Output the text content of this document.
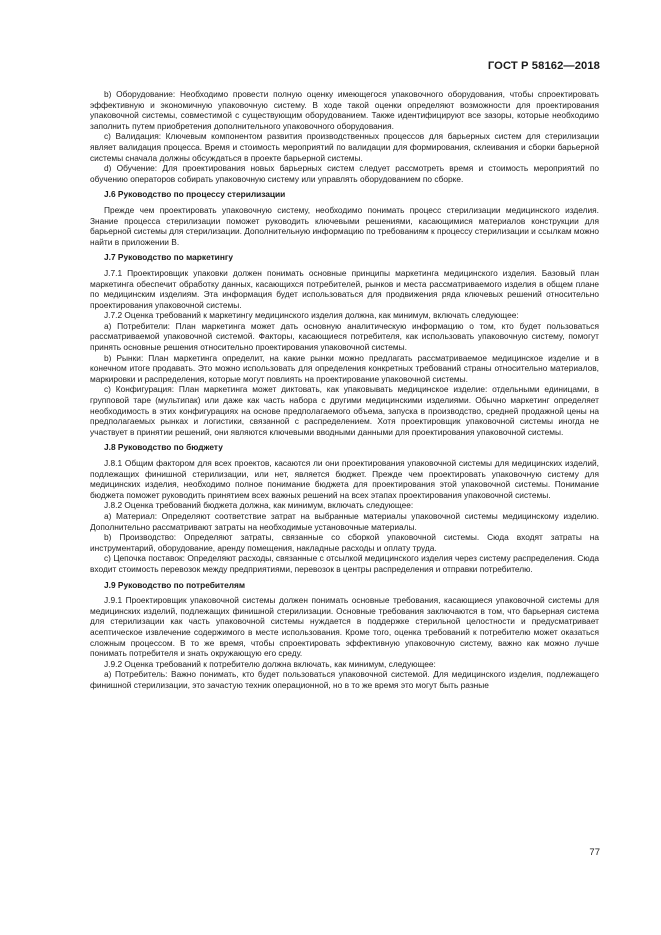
ГОСТ Р 58162—2018

b) Оборудование: Необходимо провести полную оценку имеющегося упаковочного оборудования, чтобы спроектировать эффективную и экономичную упаковочную систему. В ходе такой оценки определяют возможности для проектирования упаковочной системы, совместимой с существующим оборудованием. Также идентифицируют все зазоры, которые необходимо заполнить путем приобретения дополнительного упаковочного оборудования.

c) Валидация: Ключевым компонентом развития производственных процессов для барьерных систем для стерилизации являет валидация процесса. Время и стоимость мероприятий по валидации для формирования, склеивания и сборки барьерной системы сначала должны обсуждаться в проекте барьерной системы.

d) Обучение: Для проектирования новых барьерных систем следует рассмотреть время и стоимость мероприятий по обучению операторов собирать упаковочную систему или управлять оборудованием по сборке.

J.6 Руководство по процессу стерилизации

Прежде чем проектировать упаковочную систему, необходимо понимать процесс стерилизации медицинского изделия. Знание процесса стерилизации поможет руководить ключевыми решениями, касающимися материалов конструкции для барьерной системы для стерилизации. Дополнительную информацию по требованиям к процессу стерилизации и ссылкам можно найти в приложении В.

J.7 Руководство по маркетингу

J.7.1 Проектировщик упаковки должен понимать основные принципы маркетинга медицинского изделия. Базовый план маркетинга обеспечит обработку данных, касающихся потребителей, рынков и места рассматриваемого изделия в общем плане по медицинским изделиям. Эта информация будет использоваться для продвижения ряда ключевых решений относительно проектирования упаковочной системы.

J.7.2 Оценка требований к маркетингу медицинского изделия должна, как минимум, включать следующее:

a) Потребители: План маркетинга может дать основную аналитическую информацию о том, кто будет пользоваться рассматриваемой упаковочной системой. Факторы, касающиеся потребителя, как использовать упаковочную систему, помогут принять основные решения относительно проектирования упаковочной системы.

b) Рынки: План маркетинга определит, на какие рынки можно предлагать рассматриваемое медицинское изделие и в конечном итоге продавать. Это можно использовать для определения конкретных требований страны относительно материалов, маркировки и распределения, которые могут повлиять на проектирование упаковочной системы.

c) Конфигурация: План маркетинга может диктовать, как упаковывать медицинское изделие: отдельными единицами, в групповой таре (мультипак) или даже как часть набора с другими медицинскими изделиями. Обычно маркетинг определяет необходимость в этих конфигурациях на основе предполагаемого объема, запуска в производство, средней продажной цены на предполагаемых рынках и логистики, связанной с распределением. Хотя проектировщик упаковочной системы иногда не участвует в принятии решений, они являются ключевыми вводными данными для проектирования упаковочной системы.

J.8 Руководство по бюджету

J.8.1 Общим фактором для всех проектов, касаются ли они проектирования упаковочной системы для медицинских изделий, подлежащих финишной стерилизации, или нет, является бюджет. Прежде чем проектировать упаковочную систему для медицинских изделия, необходимо полное понимание бюджета для проектирования этой упаковочной системы. Понимание бюджета поможет руководить принятием всех важных решений на всех этапах проектирования упаковочной системы.

J.8.2 Оценка требований бюджета должна, как минимум, включать следующее:

a) Материал: Определяют соответствие затрат на выбранные материалы упаковочной системы медицинскому изделию. Дополнительно рассматривают затраты на необходимые установочные материалы.

b) Производство: Определяют затраты, связанные со сборкой упаковочной системы. Сюда входят затраты на инструментарий, оборудование, аренду помещения, накладные расходы и оплату труда.

c) Цепочка поставок: Определяют расходы, связанные с отсылкой медицинского изделия через систему распределения. Сюда входит стоимость перевозок между предприятиями, перевозок в центры распределения и отправки потребителю.

J.9 Руководство по потребителям

J.9.1 Проектировщик упаковочной системы должен понимать основные требования, касающиеся упаковочной системы для медицинских изделий, подлежащих финишной стерилизации. Основные требования заключаются в том, что барьерная система для стерилизации как часть упаковочной системы нуждается в поддержке стерильной целостности и предусматривает асептическое извлечение содержимого в месте использования. Кроме того, оценка требований к потребителю может оказаться сложным процессом. В то же время, чтобы спроектировать эффективную упаковочную систему, важно как можно лучше понимать потребителя и знать окружающую его среду.

J.9.2 Оценка требований к потребителю должна включать, как минимум, следующее:

a) Потребитель: Важно понимать, кто будет пользоваться упаковочной системой. Для медицинского изделия, подлежащего финишной стерилизации, это зачастую техник операционной, но в то же время это могут быть разные

77
